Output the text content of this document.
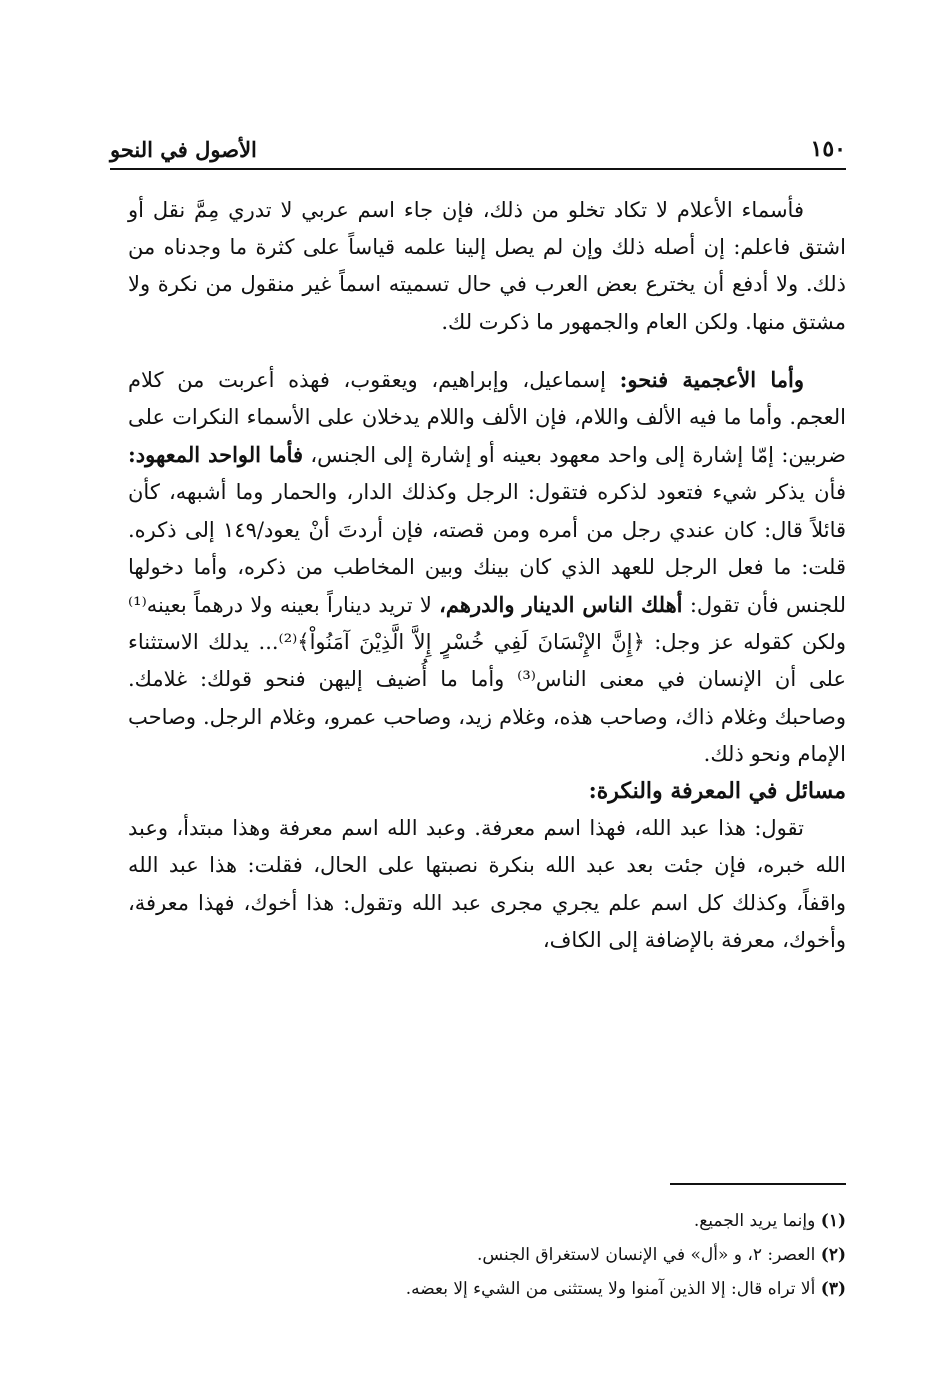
الأصول في النحو	١٥٠

فأسماء الأعلام لا تكاد تخلو من ذلك، فإن جاء اسم عربي لا تدري مِمَّ نقل أو اشتق فاعلم: إن أصله ذلك وإن لم يصل إلينا علمه قياساً على كثرة ما وجدناه من ذلك. ولا أدفع أن يخترع بعض العرب في حال تسميته اسماً غير منقول من نكرة ولا مشتق منها. ولكن العام والجمهور ما ذكرت لك.

وأما الأعجمية فنحو: إسماعيل، وإبراهيم، ويعقوب، فهذه أعربت من كلام العجم. وأما ما فيه الألف واللام، فإن الألف واللام يدخلان على الأسماء النكرات على ضربين: إمّا إشارة إلى واحد معهود بعينه أو إشارة إلى الجنس، فأما الواحد المعهود: فأن يذكر شيء فتعود لذكره فتقول: الرجل وكذلك الدار، والحمار وما أشبهه، كأن قائلاً قال: كان عندي رجل من أمره ومن قصته، فإن أردتَ أنْ يعود/١٤٩ إلى ذكره. قلت: ما فعل الرجل للعهد الذي كان بينك وبين المخاطب من ذكره، وأما دخولها للجنس فأن تقول: أهلك الناس الدينار والدرهم، لا تريد ديناراً بعينه ولا درهماً بعينه⁽¹⁾ ولكن كقوله عز وجل: ﴿إِنَّ الإِنْسَانَ لَفِي خُسْرٍ إِلاَّ الَّذِيْنَ آمَنُواْ﴾⁽²⁾... يدلك الاستثناء على أن الإنسان في معنى الناس⁽³⁾ وأما ما أُضيف إليهن فنحو قولك: غلامك. وصاحبك وغلام ذاك، وصاحب هذه، وغلام زيد، وصاحب عمرو، وغلام الرجل. وصاحب الإمام ونحو ذلك.

مسائل في المعرفة والنكرة:

تقول: هذا عبد الله، فهذا اسم معرفة. وعبد الله اسم معرفة وهذا مبتدأ، وعبد الله خبره، فإن جئت بعد عبد الله بنكرة نصبتها على الحال، فقلت: هذا عبد الله واقفاً، وكذلك كل اسم علم يجري مجرى عبد الله وتقول: هذا أخوك، فهذا معرفة، وأخوك، معرفة بالإضافة إلى الكاف،

(١) وإنما يريد الجميع.
(٢) العصر: ٢، و «أل» في الإنسان لاستغراق الجنس.
(٣) ألا تراه قال: إلا الذين آمنوا ولا يستثنى من الشيء إلا بعضه.
